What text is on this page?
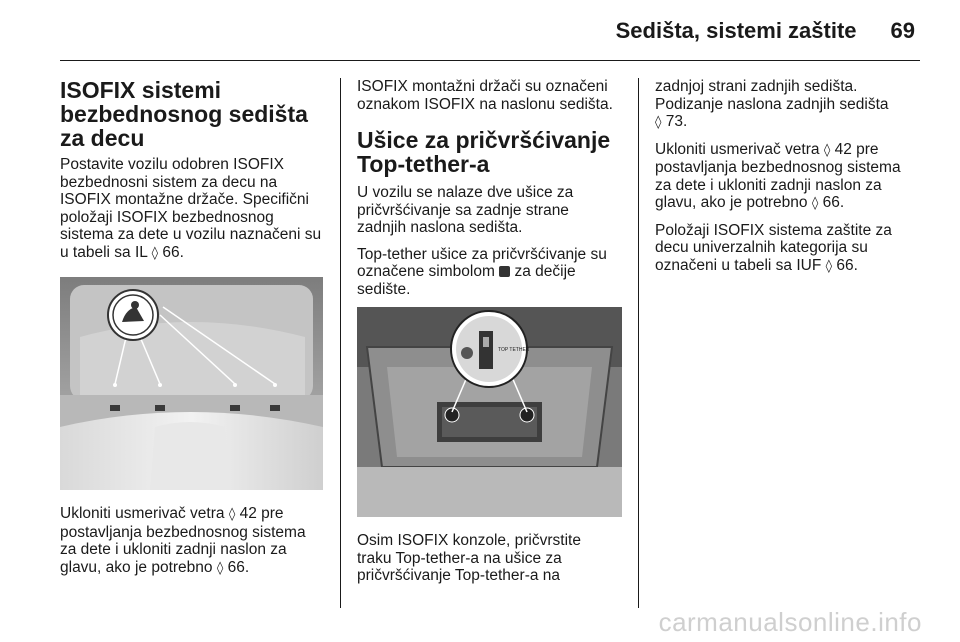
Sedišta, sistemi zaštite 69
ISOFIX sistemi bezbednosnog sedišta za decu

Postavite vozilu odobren ISOFIX
bezbednosni sistem za decu na
ISOFIX montažne držače. Specifični
položaji ISOFIX bezbednosnog
sistema za dete u vozilu naznačeni su
u tabeli sa IL ◊ 66.

Ukloniti usmerivač vetra ◊ 42 pre
postavljanja bezbednosnog sistema
za dete i ukloniti zadnji naslon za
glavu, ako je potrebno ◊ 66.

ISOFIX montažni držači su označeni
oznakom ISOFIX na naslonu sedišta.

Ušice za pričvršćivanje Top-tether-a

U vozilu se nalaze dve ušice za
pričvršćivanje sa zadnje strane
zadnjih naslona sedišta.

Top-tether ušice za pričvršćivanje su
označene simbolom  za dečije
sedište.

TOP TETHER

Osim ISOFIX konzole, pričvrstite
traku Top-tether-a na ušice za
pričvršćivanje Top-tether-a na

zadnjoj strani zadnjih sedišta.
Podizanje naslona zadnjih sedišta
◊ 73.

Ukloniti usmerivač vetra ◊ 42 pre
postavljanja bezbednosnog sistema
za dete i ukloniti zadnji naslon za
glavu, ako je potrebno ◊ 66.

Položaji ISOFIX sistema zaštite za
decu univerzalnih kategorija su
označeni u tabeli sa IUF ◊ 66.

carmanualsonline.info
